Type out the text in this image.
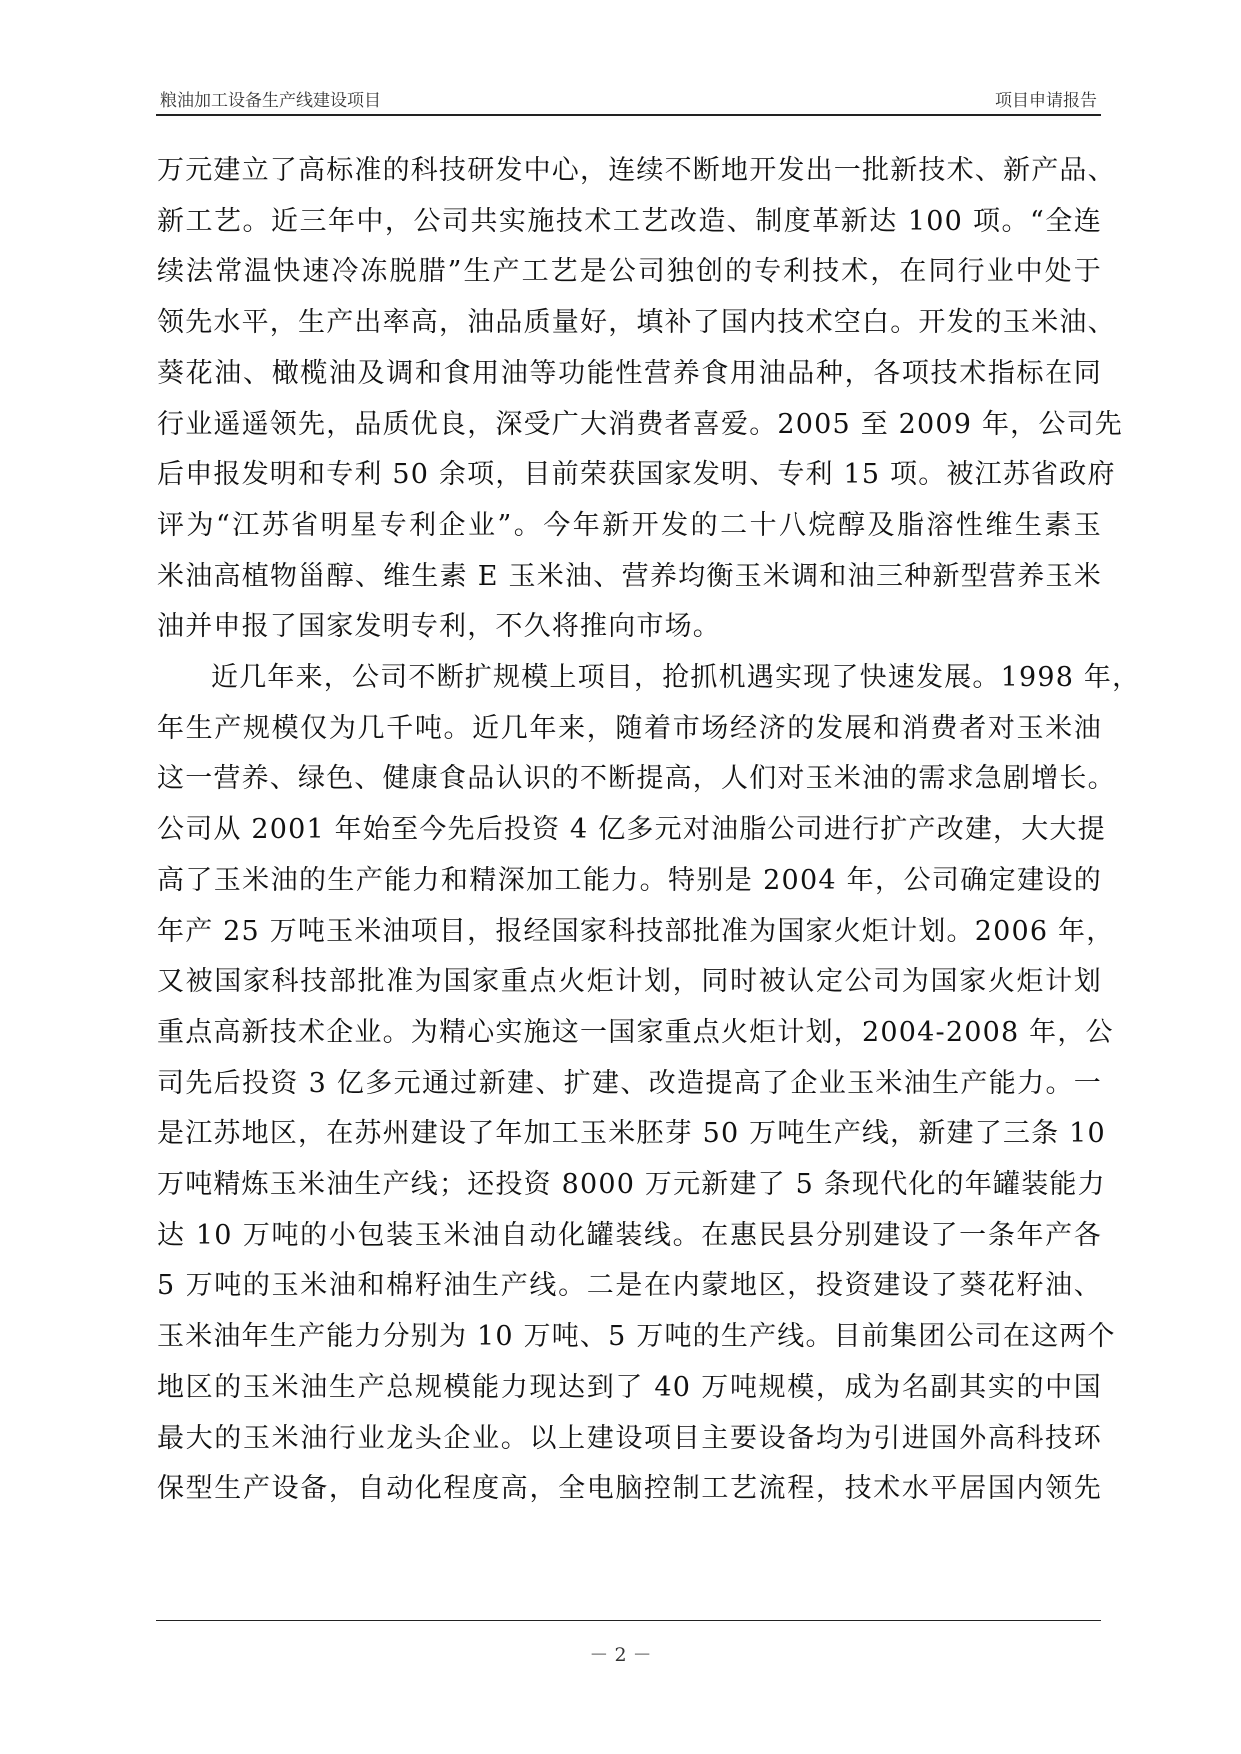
粮油加工设备生产线建设项目	项目申请报告
万元建立了高标准的科技研发中心，连续不断地开发出一批新技术、新产品、
新工艺。近三年中，公司共实施技术工艺改造、制度革新达 100 项。“全连
续法常温快速冷冻脱腊”生产工艺是公司独创的专利技术，在同行业中处于
领先水平，生产出率高，油品质量好，填补了国内技术空白。开发的玉米油、
葵花油、橄榄油及调和食用油等功能性营养食用油品种，各项技术指标在同
行业遥遥领先，品质优良，深受广大消费者喜爱。2005 至 2009 年，公司先
后申报发明和专利 50 余项，目前荣获国家发明、专利 15 项。被江苏省政府
评为“江苏省明星专利企业”。今年新开发的二十八烷醇及脂溶性维生素玉
米油高植物甾醇、维生素 E 玉米油、营养均衡玉米调和油三种新型营养玉米
油并申报了国家发明专利，不久将推向市场。
近几年来，公司不断扩规模上项目，抢抓机遇实现了快速发展。1998 年，
年生产规模仅为几千吨。近几年来，随着市场经济的发展和消费者对玉米油
这一营养、绿色、健康食品认识的不断提高，人们对玉米油的需求急剧增长。
公司从 2001 年始至今先后投资 4 亿多元对油脂公司进行扩产改建，大大提
高了玉米油的生产能力和精深加工能力。特别是 2004 年，公司确定建设的
年产 25 万吨玉米油项目，报经国家科技部批准为国家火炬计划。2006 年，
又被国家科技部批准为国家重点火炬计划，同时被认定公司为国家火炬计划
重点高新技术企业。为精心实施这一国家重点火炬计划，2004-2008 年，公
司先后投资 3 亿多元通过新建、扩建、改造提高了企业玉米油生产能力。一
是江苏地区，在苏州建设了年加工玉米胚芽 50 万吨生产线，新建了三条 10
万吨精炼玉米油生产线；还投资 8000 万元新建了 5 条现代化的年罐装能力
达 10 万吨的小包装玉米油自动化罐装线。在惠民县分别建设了一条年产各
5 万吨的玉米油和棉籽油生产线。二是在内蒙地区，投资建设了葵花籽油、
玉米油年生产能力分别为 10 万吨、5 万吨的生产线。目前集团公司在这两个
地区的玉米油生产总规模能力现达到了 40 万吨规模，成为名副其实的中国
最大的玉米油行业龙头企业。以上建设项目主要设备均为引进国外高科技环
保型生产设备，自动化程度高，全电脑控制工艺流程，技术水平居国内领先
－ 2 －
